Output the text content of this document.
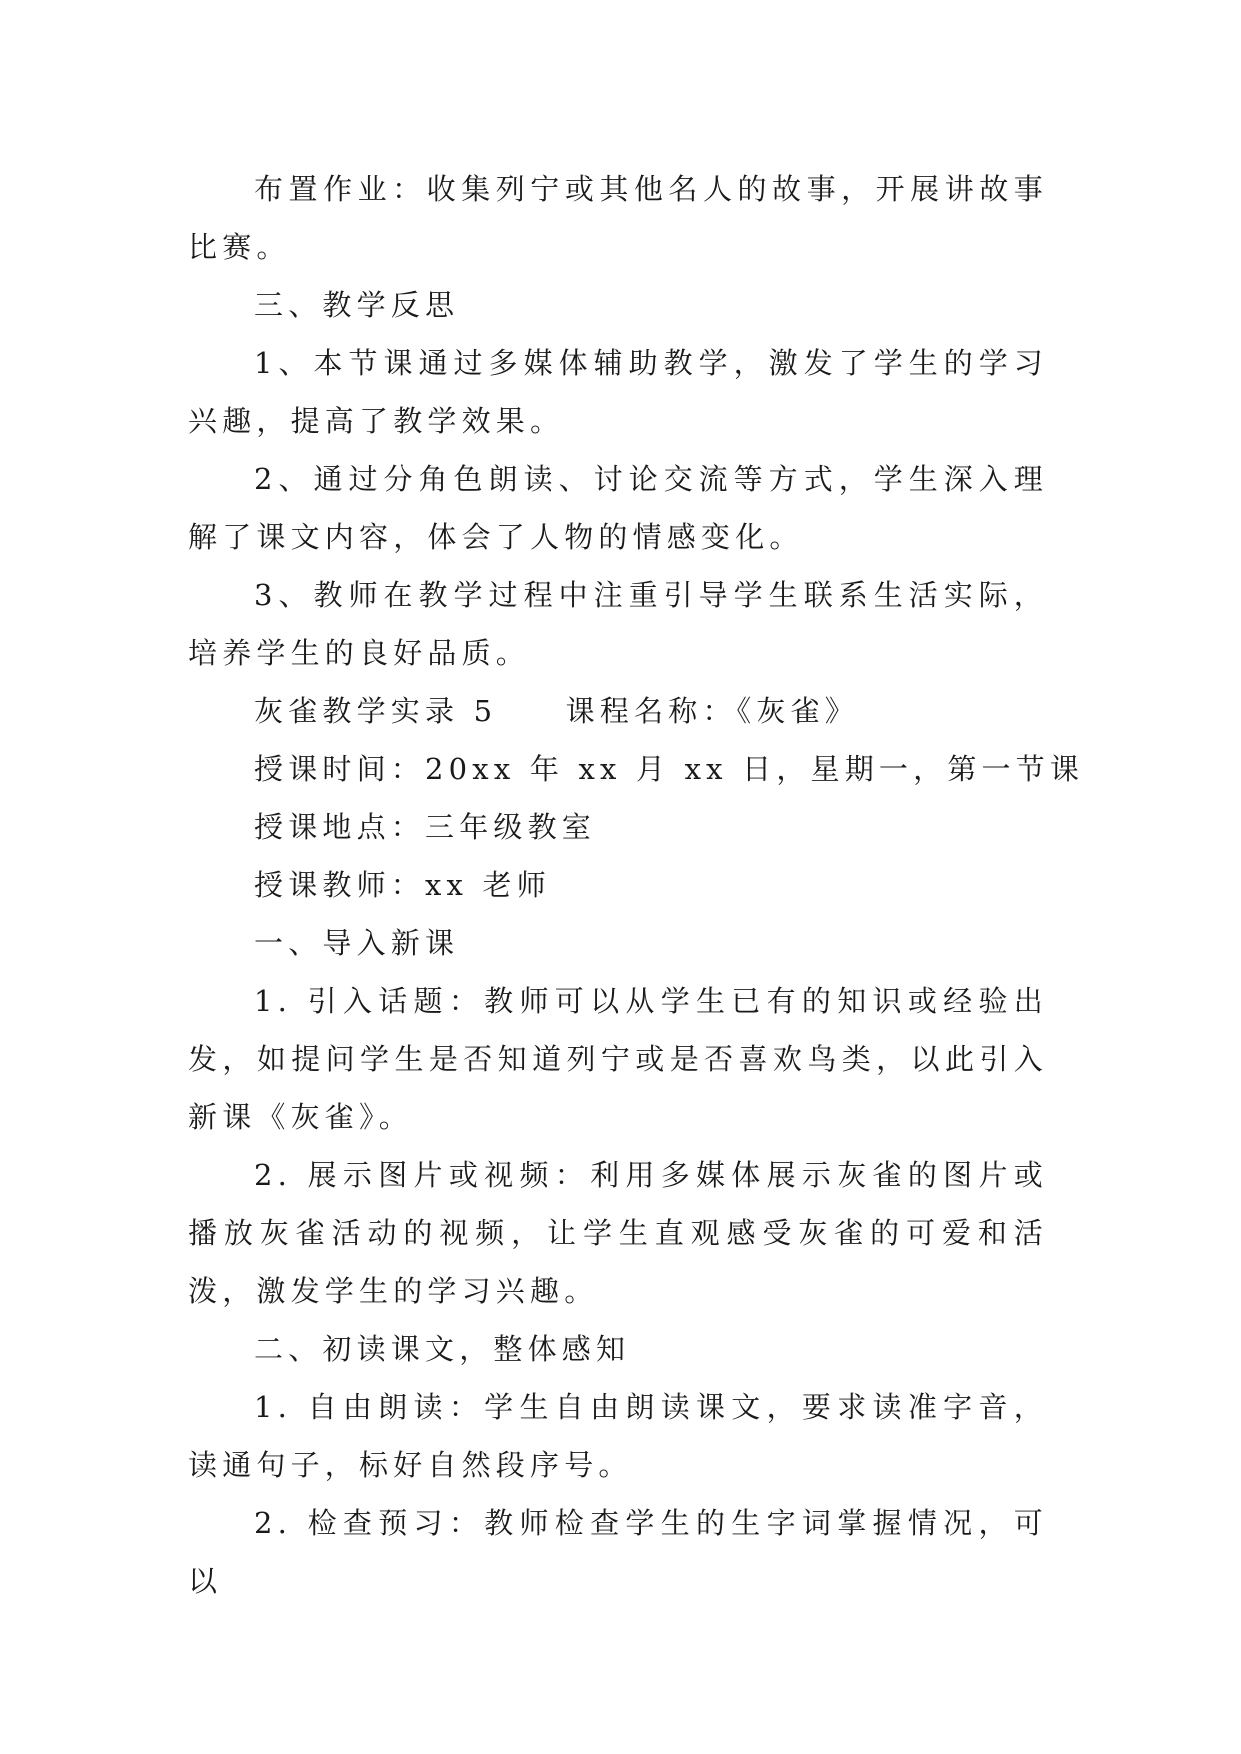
布置作业：收集列宁或其他名人的故事，开展讲故事比赛。

三、教学反思

1、本节课通过多媒体辅助教学，激发了学生的学习兴趣，提高了教学效果。

2、通过分角色朗读、讨论交流等方式，学生深入理解了课文内容，体会了人物的情感变化。

3、教师在教学过程中注重引导学生联系生活实际，培养学生的良好品质。

灰雀教学实录 5　　课程名称：《灰雀》

授课时间：20xx 年 xx 月 xx 日，星期一，第一节课

授课地点：三年级教室

授课教师：xx 老师

一、导入新课

1. 引入话题：教师可以从学生已有的知识或经验出发，如提问学生是否知道列宁或是否喜欢鸟类，以此引入新课《灰雀》。

2. 展示图片或视频：利用多媒体展示灰雀的图片或播放灰雀活动的视频，让学生直观感受灰雀的可爱和活泼，激发学生的学习兴趣。

二、初读课文，整体感知

1. 自由朗读：学生自由朗读课文，要求读准字音，读通句子，标好自然段序号。

2. 检查预习：教师检查学生的生字词掌握情况，可以
